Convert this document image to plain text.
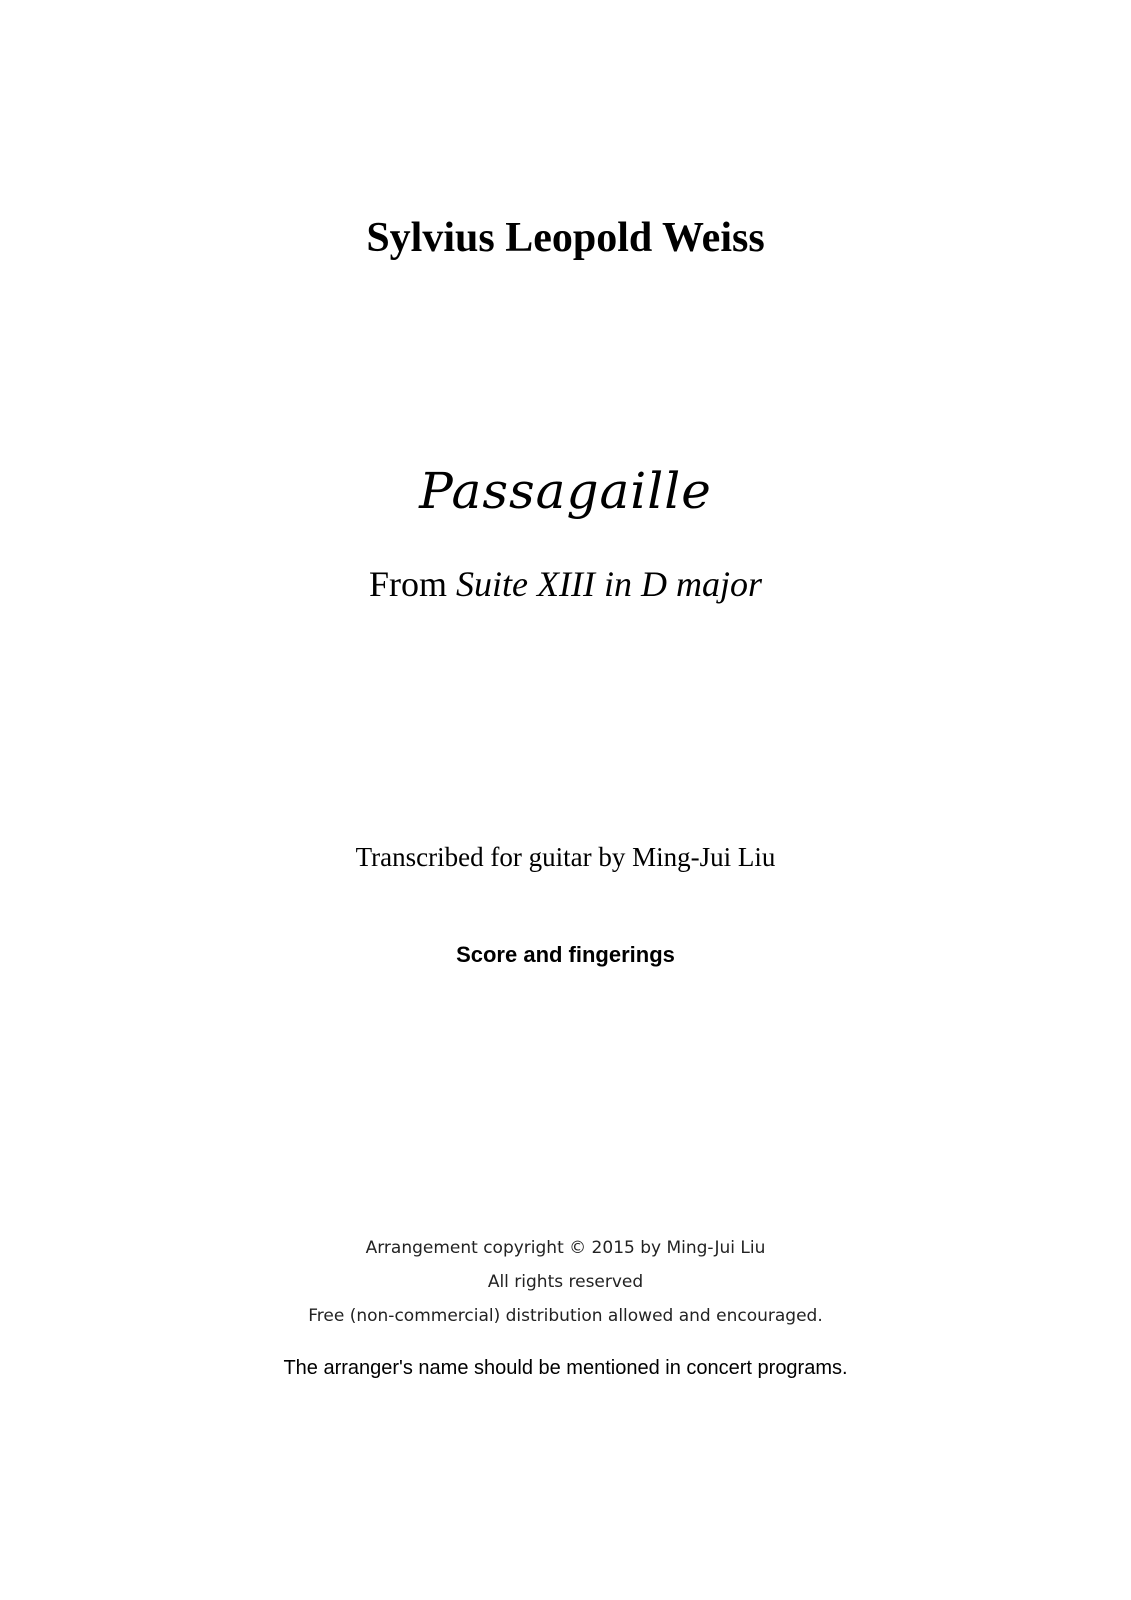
Sylvius Leopold Weiss
Passagaille
From Suite XIII in D major
Transcribed for guitar by Ming-Jui Liu
Score and fingerings
Arrangement copyright © 2015 by Ming-Jui Liu
All rights reserved
Free (non-commercial) distribution allowed and encouraged.
The arranger's name should be mentioned in concert programs.
